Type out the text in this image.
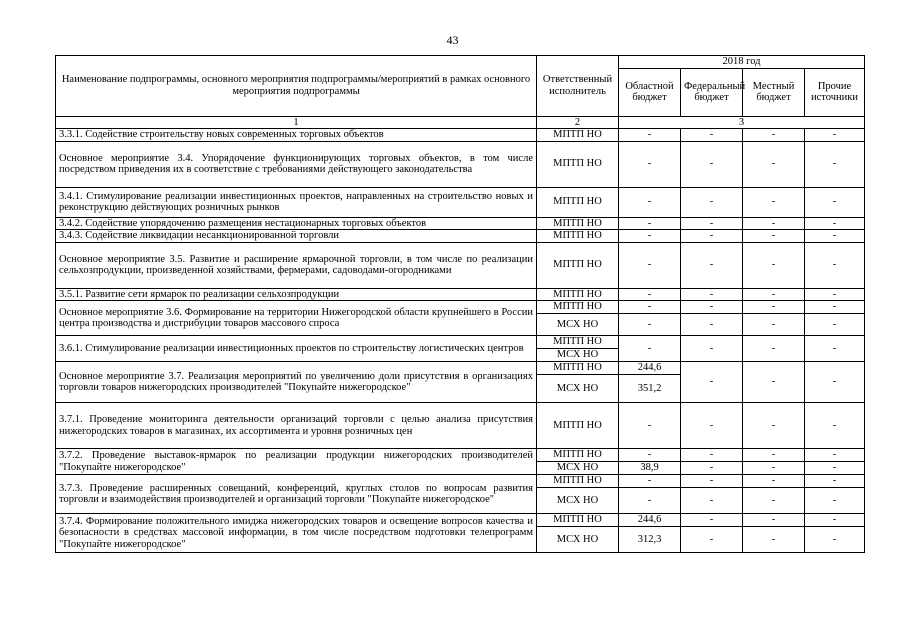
43
Наименование подпрограммы, основного мероприятия подпрограммы/мероприятий в рамках основного мероприятия подпрограммы	Ответственный исполнитель	2018 год			
		Областной бюджет	Федеральный бюджет	Местный бюджет	Прочие источники
1	2	3			
3.3.1. Содействие строительству новых современных торговых объектов	МПТП НО	-	-	-	-
Основное мероприятие 3.4. Упорядочение функционирующих торговых объектов, в том числе посредством приведения их в соответствие с требованиями действующего законодательства	МПТП НО	-	-	-	-
3.4.1. Стимулирование реализации инвестиционных проектов, направленных на строительство новых и реконструкцию действующих розничных рынков	МПТП НО	-	-	-	-
3.4.2. Содействие упорядочению размещения нестационарных торговых объектов	МПТП НО	-	-	-	-
3.4.3. Содействие ликвидации несанкционированной торговли	МПТП НО	-	-	-	-
Основное мероприятие 3.5. Развитие и расширение ярмарочной торговли, в том числе по реализации сельхозпродукции, произведенной хозяйствами, фермерами, садоводами-огородниками	МПТП НО	-	-	-	-
3.5.1. Развитие сети ярмарок по реализации сельхозпродукции	МПТП НО	-	-	-	-
Основное мероприятие 3.6. Формирование на территории Нижегородской области крупнейшего в России центра производства и дистрибуции товаров массового спроса	МПТП НО	-	-	-	-
	МСХ НО	-	-	-	-
3.6.1. Стимулирование реализации инвестиционных проектов по строительству логистических центров	МПТП НО	-	-	-	-
	МСХ НО				
Основное мероприятие 3.7. Реализация мероприятий по увеличению доли присутствия в организациях торговли товаров нижегородских производителей "Покупайте нижегородское"	МПТП НО	244,6	-	-	-
	МСХ НО	351,2			
3.7.1. Проведение мониторинга деятельности организаций торговли с целью анализа присутствия нижегородских товаров в магазинах, их ассортимента и уровня розничных цен	МПТП НО	-	-	-	-
3.7.2. Проведение выставок-ярмарок по реализации продукции нижегородских производителей "Покупайте нижегородское"	МПТП НО	-	-	-	-
	МСХ НО	38,9	-	-	-
3.7.3. Проведение расширенных совещаний, конференций, круглых столов по вопросам развития торговли и взаимодействия производителей и организаций торговли "Покупайте нижегородское"	МПТП НО	-	-	-	-
	МСХ НО	-	-	-	-
3.7.4. Формирование положительного имиджа нижегородских товаров и освещение вопросов качества и безопасности в средствах массовой информации, в том числе посредством подготовки телепрограмм "Покупайте нижегородское"	МПТП НО	244,6	-	-	-
	МСХ НО	312,3	-	-	-
